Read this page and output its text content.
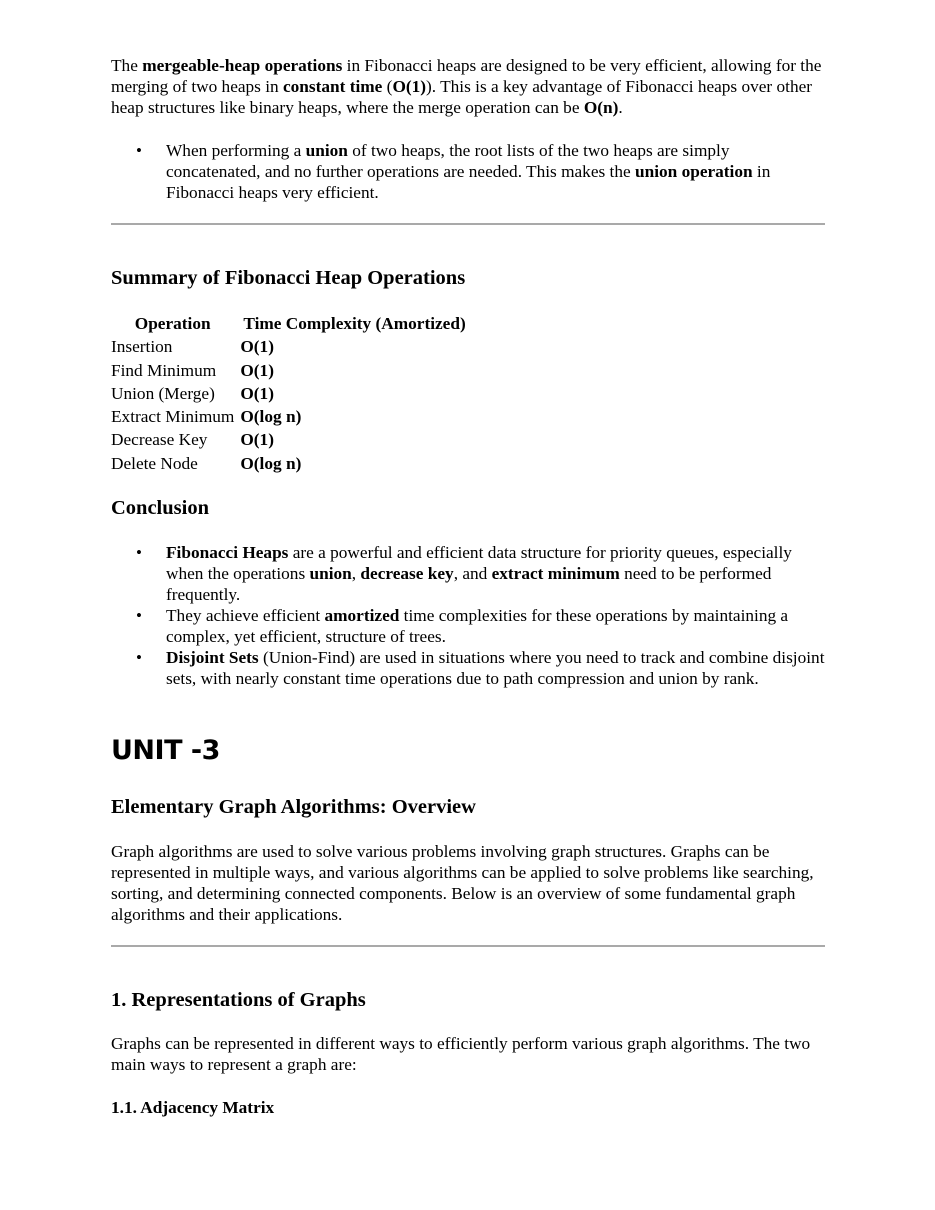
The mergeable-heap operations in Fibonacci heaps are designed to be very efficient, allowing for the merging of two heaps in constant time (O(1)). This is a key advantage of Fibonacci heaps over other heap structures like binary heaps, where the merge operation can be O(n).

• When performing a union of two heaps, the root lists of the two heaps are simply concatenated, and no further operations are needed. This makes the union operation in Fibonacci heaps very efficient.
Summary of Fibonacci Heap Operations
Operation	Time Complexity (Amortized)
Insertion	O(1)
Find Minimum	O(1)
Union (Merge)	O(1)
Extract Minimum	O(log n)
Decrease Key	O(1)
Delete Node	O(log n)
Conclusion
• Fibonacci Heaps are a powerful and efficient data structure for priority queues, especially when the operations union, decrease key, and extract minimum need to be performed frequently.
• They achieve efficient amortized time complexities for these operations by maintaining a complex, yet efficient, structure of trees.
• Disjoint Sets (Union-Find) are used in situations where you need to track and combine disjoint sets, with nearly constant time operations due to path compression and union by rank.
UNIT -3
Elementary Graph Algorithms: Overview

Graph algorithms are used to solve various problems involving graph structures. Graphs can be represented in multiple ways, and various algorithms can be applied to solve problems like searching, sorting, and determining connected components. Below is an overview of some fundamental graph algorithms and their applications.

1. Representations of Graphs

Graphs can be represented in different ways to efficiently perform various graph algorithms. The two main ways to represent a graph are:

1.1. Adjacency Matrix
